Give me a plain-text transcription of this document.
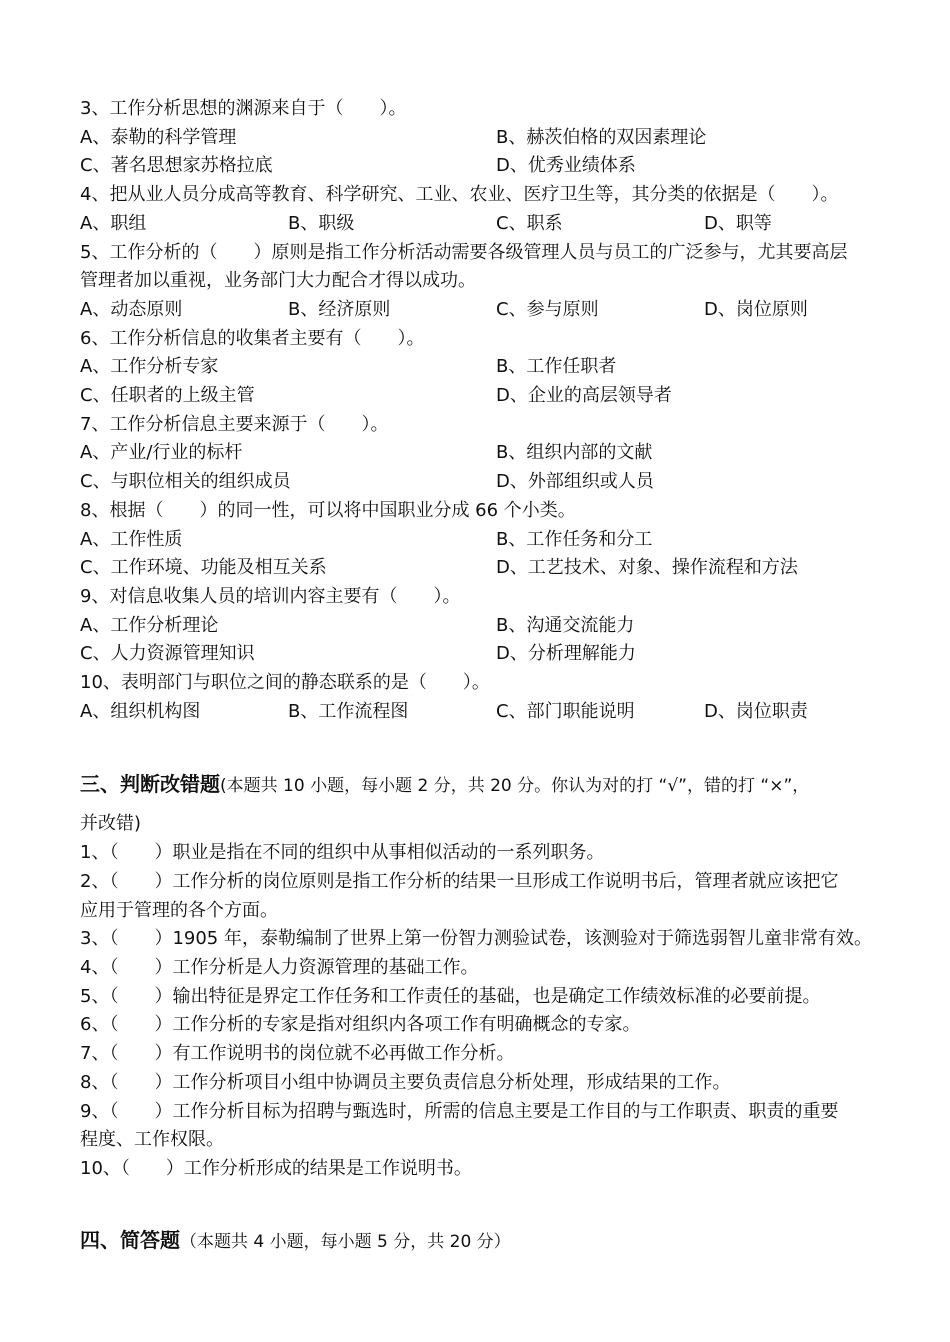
3、工作分析思想的渊源来自于（　　）。
A、泰勒的科学管理	B、赫茨伯格的双因素理论
C、著名思想家苏格拉底	D、优秀业绩体系
4、把从业人员分成高等教育、科学研究、工业、农业、医疗卫生等，其分类的依据是（　　）。
A、职组	B、职级	C、职系	D、职等
5、工作分析的（　　）原则是指工作分析活动需要各级管理人员与员工的广泛参与，尤其要高层
管理者加以重视，业务部门大力配合才得以成功。
A、动态原则	B、经济原则	C、参与原则	D、岗位原则
6、工作分析信息的收集者主要有（　　）。
A、工作分析专家	B、工作任职者
C、任职者的上级主管	D、企业的高层领导者
7、工作分析信息主要来源于（　　）。
A、产业/行业的标杆	B、组织内部的文献
C、与职位相关的组织成员	D、外部组织或人员
8、根据（　　）的同一性，可以将中国职业分成 66 个小类。
A、工作性质	B、工作任务和分工
C、工作环境、功能及相互关系	D、工艺技术、对象、操作流程和方法
9、对信息收集人员的培训内容主要有（　　）。
A、工作分析理论	B、沟通交流能力
C、人力资源管理知识	D、分析理解能力
10、表明部门与职位之间的静态联系的是（　　）。
A、组织机构图	B、工作流程图	C、部门职能说明	D、岗位职责
三、判断改错题(本题共 10 小题，每小题 2 分，共 20 分。你认为对的打 “√”，错的打 “×”，
并改错)
1、（　　）职业是指在不同的组织中从事相似活动的一系列职务。
2、（　　）工作分析的岗位原则是指工作分析的结果一旦形成工作说明书后，管理者就应该把它
应用于管理的各个方面。
3、（　　）1905 年，泰勒编制了世界上第一份智力测验试卷，该测验对于筛选弱智儿童非常有效。
4、（　　）工作分析是人力资源管理的基础工作。
5、（　　）输出特征是界定工作任务和工作责任的基础，也是确定工作绩效标准的必要前提。
6、（　　）工作分析的专家是指对组织内各项工作有明确概念的专家。
7、（　　）有工作说明书的岗位就不必再做工作分析。
8、（　　）工作分析项目小组中协调员主要负责信息分析处理，形成结果的工作。
9、（　　）工作分析目标为招聘与甄选时，所需的信息主要是工作目的与工作职责、职责的重要
程度、工作权限。
10、（　　）工作分析形成的结果是工作说明书。
四、简答题（本题共 4 小题，每小题 5 分，共 20 分）
